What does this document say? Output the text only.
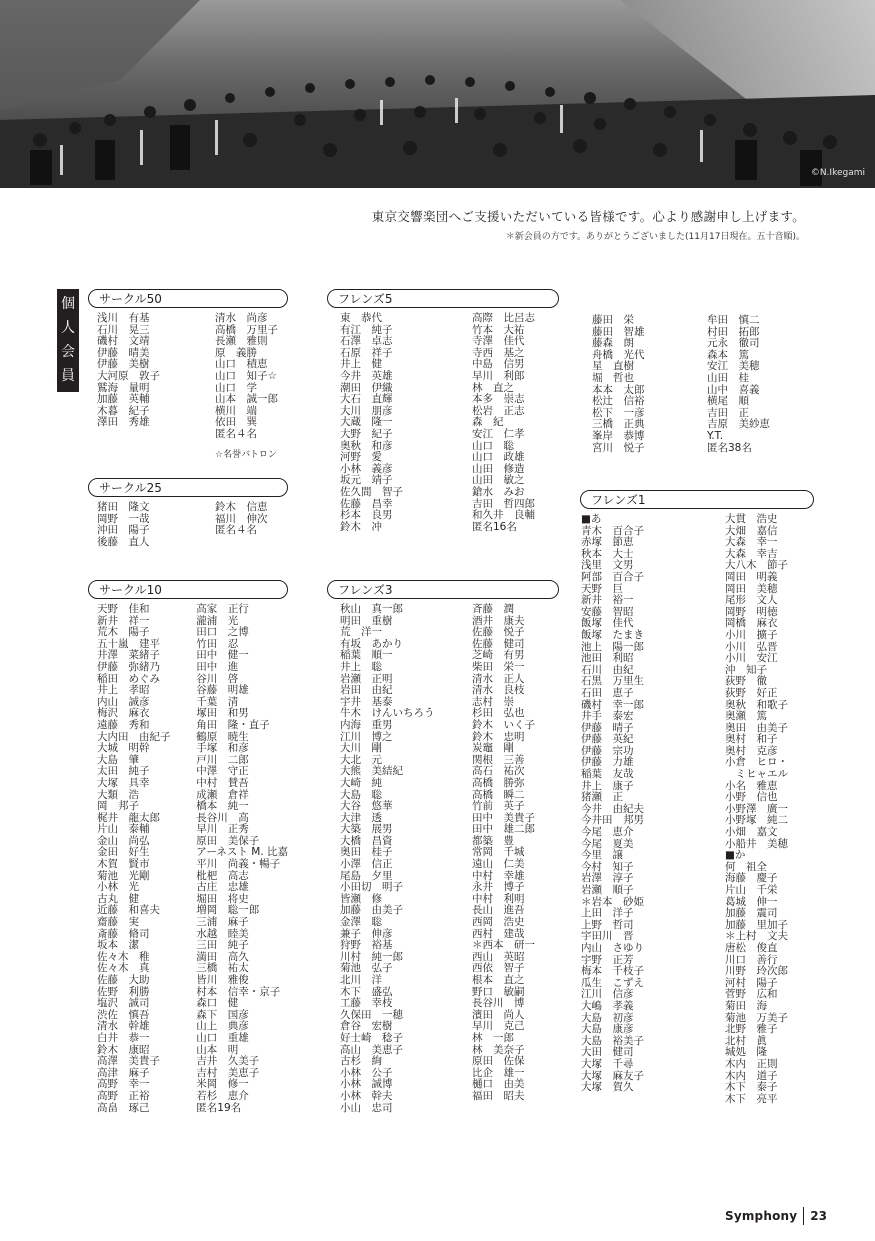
©N.Ikegami
東京交響楽団へご支援いただいている皆様です。心より感謝申し上げます。
＊新会員の方です。ありがとうございました(11月17日現在。五十音順)。
個
人
会
員
サークル50
浅川　有基
石川　晃三
磯村　文靖
伊藤　晴美
伊藤　美樹
大河原　敦子
鷲海　量明
加藤　英輔
木暮　紀子
澤田　秀雄
清水　尚彦
高橋　万里子
長瀬　雅則
原　義勝
山口　積恵
山口　知子☆
山口　学
山本　誠一郎
横川　端
依田　巽
匿名４名
☆名誉バトロン
サークル25
猪田　隆文
岡野　一哉
沖田　陽子
後藤　直人
鈴木　信恵
福川　伸次
匿名４名
サークル10
天野　佳和
新井　祥一
荒木　陽子
五十嵐　建平
井澤　菜緒子
伊藤　弥緒乃
稲田　めぐみ
井上　孝昭
内山　誠彦
梅沢　麻衣
遠藤　秀和
大内田　由紀子
大城　明幹
大島　肇
太田　純子
大塚　具幸
大類　浩
岡　邦子
梶井　龍太郎
片山　泰輔
金山　尚弘
金田　好生
木賀　賢市
菊池　光剛
小林　光
古丸　健
近藤　和喜夫
齋藤　実
斎藤　脩司
坂本　潔
佐々木　稚
佐々木　真
佐藤　大助
佐野　利勝
塩沢　誠司
渋佐　慎吾
清水　幹雄
白井　恭一
鈴木　康昭
高澤　美貴子
高津　麻子
高野　幸一
高野　正裕
高畠　琢己
高家　正行
瀧浦　光
田口　之博
竹田　忍
田中　健一
田中　進
谷川　啓
谷藤　明雄
千葉　清
塚田　和男
角田　隆・直子
鶴原　暁生
手塚　和彦
戸川　二郎
中澤　守正
中村　賛吾
成瀬　倉祥
橋本　純一
長谷川　高
早川　正秀
原田　美保子
アーネスト M. 比嘉
平川　尚義・暢子
枇杷　高志
古庄　忠雄
堀田　将史
増岡　聡一郎
三浦　麻子
水越　睦美
三田　純子
満田　高久
三橋　祐太
皆川　雅俊
村本　信幸・京子
森口　健
森下　国彦
山上　典彦
山口　重雄
山本　明
吉井　久美子
吉村　美恵子
米岡　修一
若杉　恵介
匿名19名
フレンズ5
東　恭代
有江　純子
石澤　卓志
石原　祥子
井上　健
今井　英雄
潮田　伊織
大石　直輝
大川　朋彦
大蔵　隆一
大野　紀子
奥秋　和彦
河野　愛
小林　義彦
坂元　靖子
佐久間　智子
佐藤　昌幸
杉本　良男
鈴木　冲
高際　比呂志
竹本　大祐
寺澤　佳代
寺西　基之
中島　信男
早川　利郎
林　直之
本多　崇志
松岩　正志
森　紀
安江　仁孝
山口　聡
山口　政雄
山田　修造
山田　敏之
鎗水　みお
吉田　哲四郎
和久井　良輔
匿名16名
フレンズ3
秋山　真一郎
明田　重樹
荒　洋一
有坂　あかり
稲葉　順一
井上　聡
岩瀬　正明
岩田　由紀
宇井　基泰
牛木　けんいちろう
内海　重男
江川　博之
大川　剛
大北　元
大熊　美結紀
大崎　純
大島　聡
大谷　悠華
大津　透
大築　展男
大橋　昌資
奥田　桂子
小澤　信正
尾島　夕里
小田切　明子
皆瀬　修
加藤　由美子
金澤　聡
兼子　伸彦
狩野　裕基
川村　純一郎
菊池　弘子
北川　洋
木下　盛弘
工藤　幸枝
久保田　一穂
倉谷　宏樹
好士崎　稔子
高山　美恵子
古杉　絢
小林　公子
小林　誠博
小林　幹夫
小山　忠司
斉藤　潤
酒井　康夫
佐藤　悦子
佐藤　健司
芝崎　有男
柴田　栄一
清水　正人
清水　良枝
志村　崇
杉田　弘也
鈴木　いく子
鈴木　忠明
炭竈　剛
関根　三善
高石　祐次
高橋　勝弥
高橋　瞬二
竹前　英子
田中　美貴子
田中　雄二郎
都築　豊
常岡　千城
遠山　仁美
中村　幸雄
永井　博子
中村　利明
長山　進吾
西岡　浩史
西村　建哉
＊西本　研一
西山　英昭
西依　智子
根本　直之
野口　敏嗣
長谷川　博
濱田　尚人
早川　克己
林　一郎
林　美奈子
原田　佐保
比企　雄一
樋口　由美
福田　昭夫
藤田　栄
藤田　智雄
藤森　朗
舟橋　光代
星　直樹
堀　哲也
本本　太郎
松辻　信裕
松下　一彦
三橋　正典
峯岸　恭博
宮川　悦子
牟田　慎二
村田　拓郎
元永　徹司
森本　篤
安江　美穂
山田　桂
山中　喜義
横尾　順
吉田　正
吉原　美紗恵
Y.T.
匿名38名
フレンズ1
■あ
青木　百合子
赤塚　節恵
秋本　大士
浅里　文男
阿部　百合子
天野　巨
新井　裕一
安藤　智昭
飯塚　佳代
飯塚　たまき
池上　陽一郎
池田　利昭
石川　由紀
石黒　万里生
石田　恵子
磯村　幸一郎
井手　泰宏
伊藤　晴子
伊藤　英紀
伊藤　宗功
伊藤　力雄
稲葉　友哉
井上　康子
猪瀬　正
今井　由紀夫
今井田　邦男
今尾　恵介
今尾　夏美
今里　譲
今村　知子
岩澤　淳子
岩瀬　順子
＊岩本　砂姫
上田　洋子
上野　哲司
宇田川　晋
内山　さゆり
宇野　正芳
梅本　千枝子
瓜生　こずえ
江川　信彦
大嶋　孝義
大島　初彦
大島　康彦
大島　裕美子
大田　健司
大塚　千尋
大塚　麻友子
大塚　賀久
大貫　浩史
大畑　嘉信
大森　幸一
大森　幸吉
大八木　節子
岡田　明義
岡田　美穂
尾形　文人
岡野　明徳
岡橋　麻衣
小川　擴子
小川　弘晋
小川　安江
沖　知子
荻野　徹
荻野　好正
奥秋　和歌子
奥瀬　篤
奥田　由美子
奥村　和子
奥村　克彦
小倉　ヒロ・
　ミヒャエル
小名　雅恵
小野　信也
小野澤　廣一
小野塚　純二
小畑　嘉文
小船井　美穂
■か
何　祖全
海藤　慶子
片山　千栄
葛城　伸一
加藤　震司
加藤　里加子
＊上村　文夫
唐松　俊直
川口　善行
川野　玲次郎
河村　陽子
菅野　広和
菊田　海
菊池　万美子
北野　雅子
北村　眞
城処　隆
木内　正則
木内　道子
木下　泰子
木下　亮平
Symphony 23
